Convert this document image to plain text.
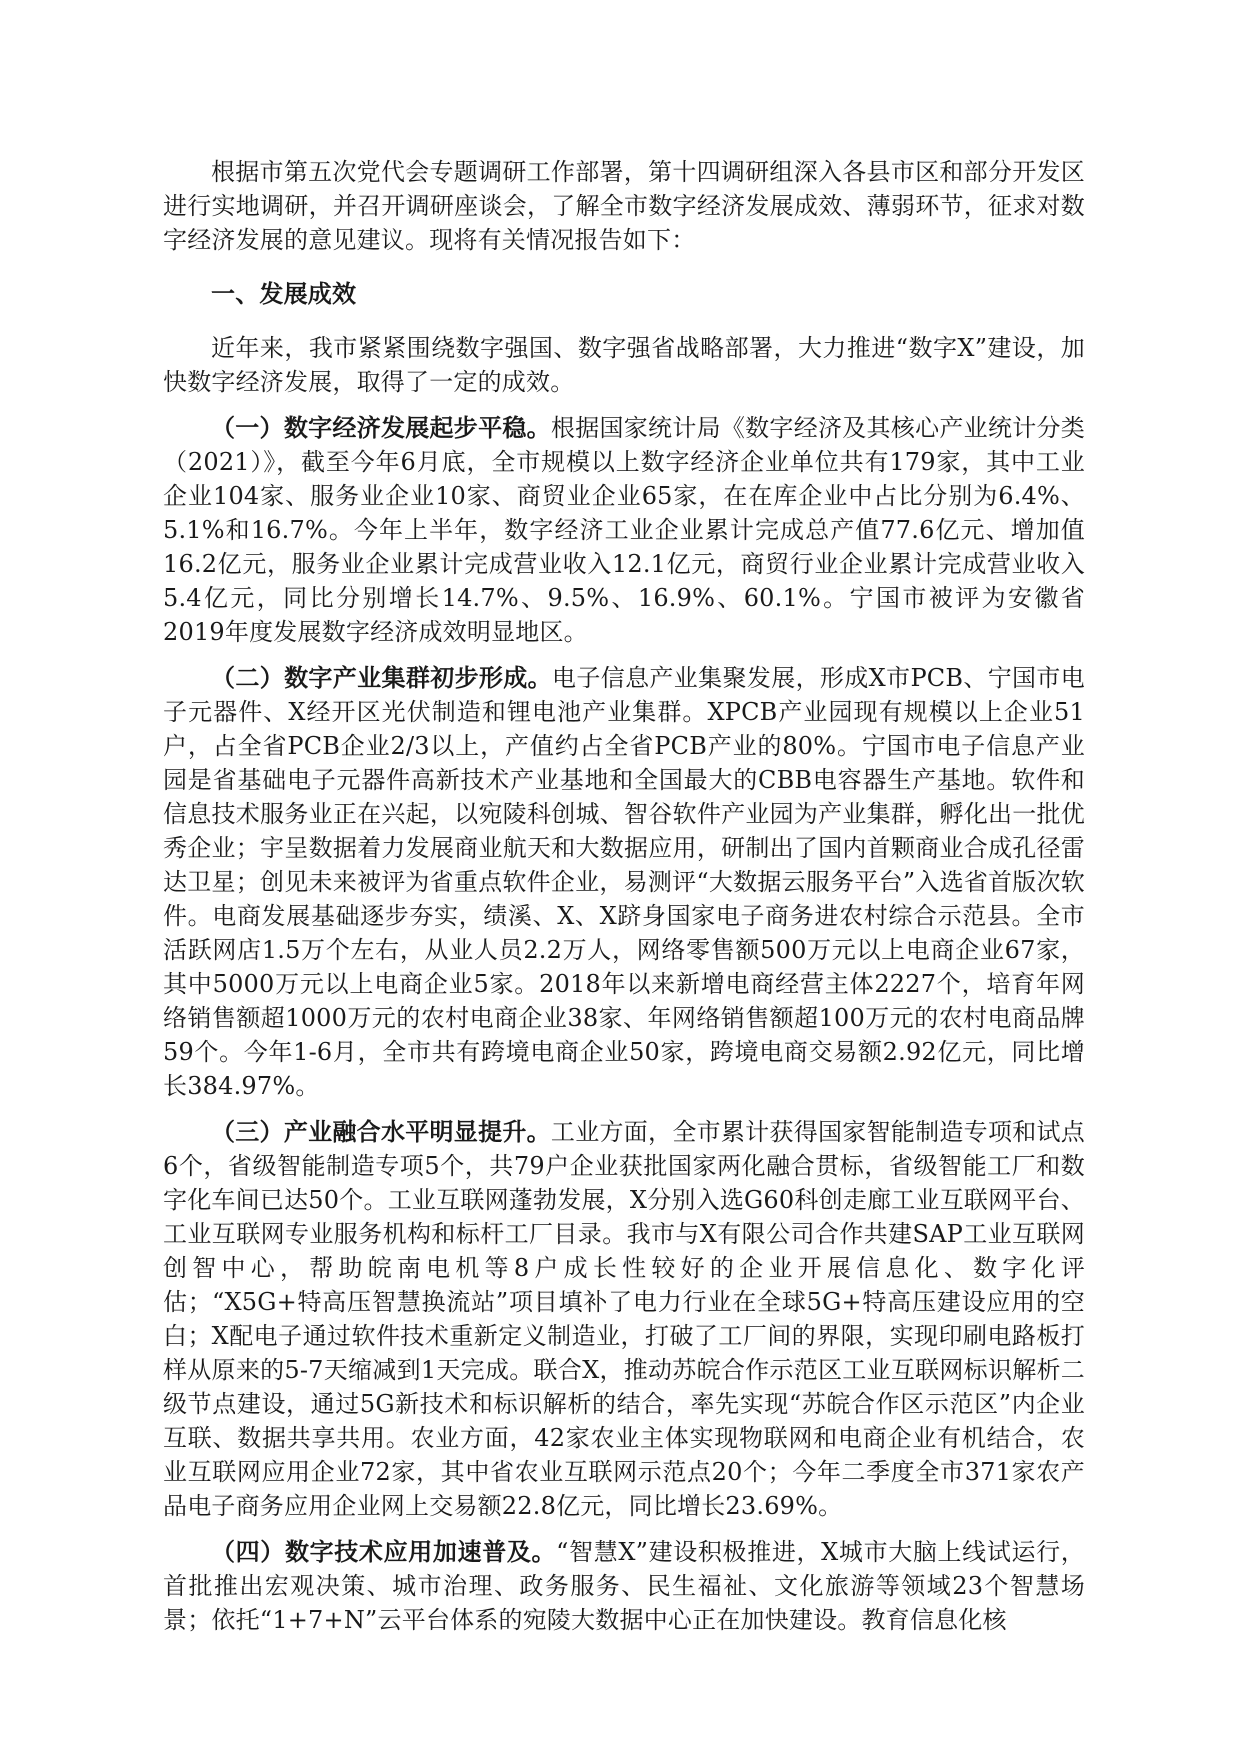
根据市第五次党代会专题调研工作部署，第十四调研组深入各县市区和部分开发区进行实地调研，并召开调研座谈会，了解全市数字经济发展成效、薄弱环节，征求对数字经济发展的意见建议。现将有关情况报告如下：

一、发展成效

近年来，我市紧紧围绕数字强国、数字强省战略部署，大力推进“数字X”建设，加快数字经济发展，取得了一定的成效。

（一）数字经济发展起步平稳。根据国家统计局《数字经济及其核心产业统计分类（2021）》，截至今年6月底，全市规模以上数字经济企业单位共有179家，其中工业企业104家、服务业企业10家、商贸业企业65家，在在库企业中占比分别为6.4%、5.1%和16.7%。今年上半年，数字经济工业企业累计完成总产值77.6亿元、增加值16.2亿元，服务业企业累计完成营业收入12.1亿元，商贸行业企业累计完成营业收入5.4亿元，同比分别增长14.7%、9.5%、16.9%、60.1%。宁国市被评为安徽省2019年度发展数字经济成效明显地区。

（二）数字产业集群初步形成。电子信息产业集聚发展，形成X市PCB、宁国市电子元器件、X经开区光伏制造和锂电池产业集群。XPCB产业园现有规模以上企业51户，占全省PCB企业2/3以上，产值约占全省PCB产业的80%。宁国市电子信息产业园是省基础电子元器件高新技术产业基地和全国最大的CBB电容器生产基地。软件和信息技术服务业正在兴起，以宛陵科创城、智谷软件产业园为产业集群，孵化出一批优秀企业；宇呈数据着力发展商业航天和大数据应用，研制出了国内首颗商业合成孔径雷达卫星；创见未来被评为省重点软件企业，易测评“大数据云服务平台”入选省首版次软件。电商发展基础逐步夯实，绩溪、X、X跻身国家电子商务进农村综合示范县。全市活跃网店1.5万个左右，从业人员2.2万人，网络零售额500万元以上电商企业67家，其中5000万元以上电商企业5家。2018年以来新增电商经营主体2227个，培育年网络销售额超1000万元的农村电商企业38家、年网络销售额超100万元的农村电商品牌59个。今年1-6月，全市共有跨境电商企业50家，跨境电商交易额2.92亿元，同比增长384.97%。

（三）产业融合水平明显提升。工业方面，全市累计获得国家智能制造专项和试点6个，省级智能制造专项5个，共79户企业获批国家两化融合贯标，省级智能工厂和数字化车间已达50个。工业互联网蓬勃发展，X分别入选G60科创走廊工业互联网平台、工业互联网专业服务机构和标杆工厂目录。我市与X有限公司合作共建SAP工业互联网创智中心，帮助皖南电机等8户成长性较好的企业开展信息化、数字化评估；“X5G+特高压智慧换流站”项目填补了电力行业在全球5G+特高压建设应用的空白；X配电子通过软件技术重新定义制造业，打破了工厂间的界限，实现印刷电路板打样从原来的5-7天缩减到1天完成。联合X，推动苏皖合作示范区工业互联网标识解析二级节点建设，通过5G新技术和标识解析的结合，率先实现“苏皖合作区示范区”内企业互联、数据共享共用。农业方面，42家农业主体实现物联网和电商企业有机结合，农业互联网应用企业72家，其中省农业互联网示范点20个；今年二季度全市371家农产品电子商务应用企业网上交易额22.8亿元，同比增长23.69%。

（四）数字技术应用加速普及。“智慧X”建设积极推进，X城市大脑上线试运行，首批推出宏观决策、城市治理、政务服务、民生福祉、文化旅游等领域23个智慧场景；依托“1+7+N”云平台体系的宛陵大数据中心正在加快建设。教育信息化核
